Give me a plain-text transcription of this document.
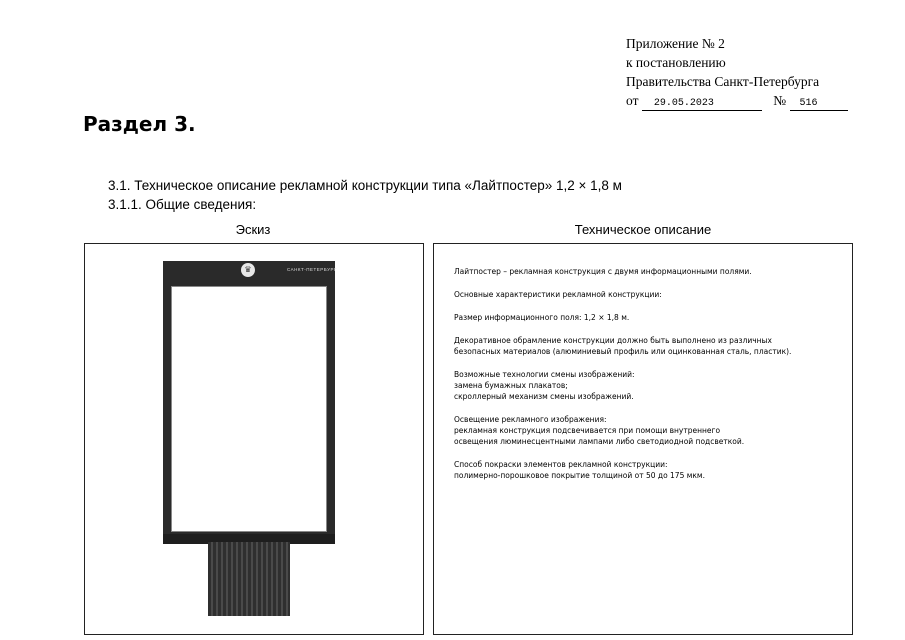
Приложение № 2
к постановлению
Правительства Санкт-Петербурга
от 29.05.2023	№ 516
Раздел 3.
3.1. Техническое описание рекламной конструкции типа «Лайтпостер» 1,2 × 1,8 м
3.1.1. Общие сведения:
Эскиз	Техническое описание
♛	САНКТ-ПЕТЕРБУРГ	Лайтпостер – рекламная конструкция с двумя информационными полями.

Основные характеристики рекламной конструкции:

Размер информационного поля: 1,2 × 1,8 м.

Декоративное обрамление конструкции должно быть выполнено из различных
безопасных материалов (алюминиевый профиль или оцинкованная сталь, пластик).

Возможные технологии смены изображений:
замена бумажных плакатов;
скроллерный механизм смены изображений.

Освещение рекламного изображения:
рекламная конструкция подсвечивается при помощи внутреннего
освещения люминесцентными лампами либо светодиодной подсветкой.

Способ покраски элементов рекламной конструкции:
полимерно-порошковое покрытие толщиной от 50 до 175 мкм.
